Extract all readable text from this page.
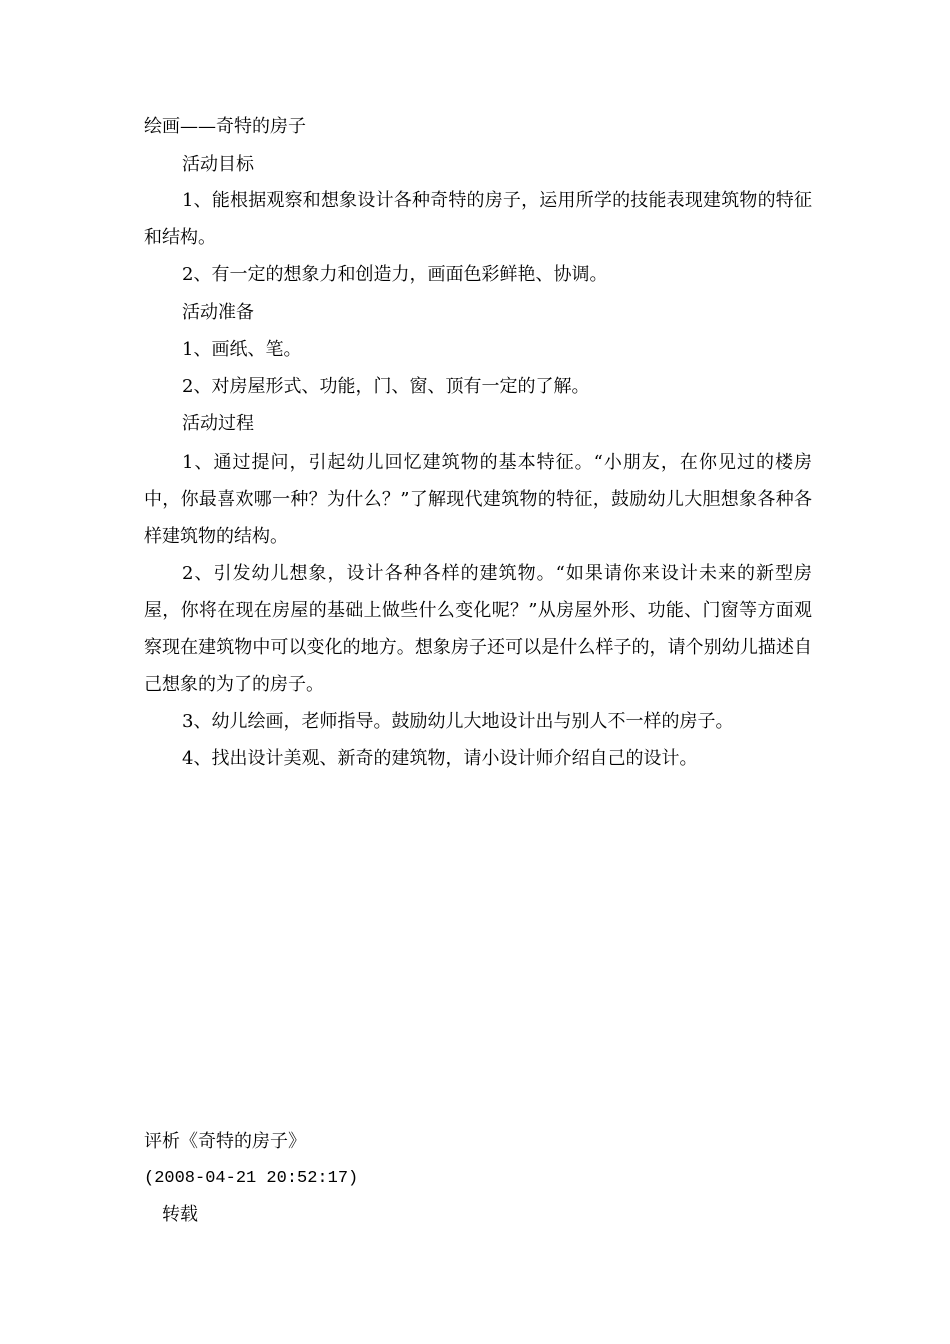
绘画——奇特的房子
活动目标
1、能根据观察和想象设计各种奇特的房子，运用所学的技能表现建筑物的特征和结构。
2、有一定的想象力和创造力，画面色彩鲜艳、协调。
活动准备
1、画纸、笔。
2、对房屋形式、功能，门、窗、顶有一定的了解。
活动过程
1、通过提问，引起幼儿回忆建筑物的基本特征。“小朋友，在你见过的楼房中，你最喜欢哪一种？为什么？”了解现代建筑物的特征，鼓励幼儿大胆想象各种各样建筑物的结构。
2、引发幼儿想象，设计各种各样的建筑物。“如果请你来设计未来的新型房屋，你将在现在房屋的基础上做些什么变化呢？”从房屋外形、功能、门窗等方面观察现在建筑物中可以变化的地方。想象房子还可以是什么样子的，请个别幼儿描述自己想象的为了的房子。
3、幼儿绘画，老师指导。鼓励幼儿大地设计出与别人不一样的房子。
4、找出设计美观、新奇的建筑物，请小设计师介绍自己的设计。
评析《奇特的房子》
(2008-04-21 20:52:17)
转载
